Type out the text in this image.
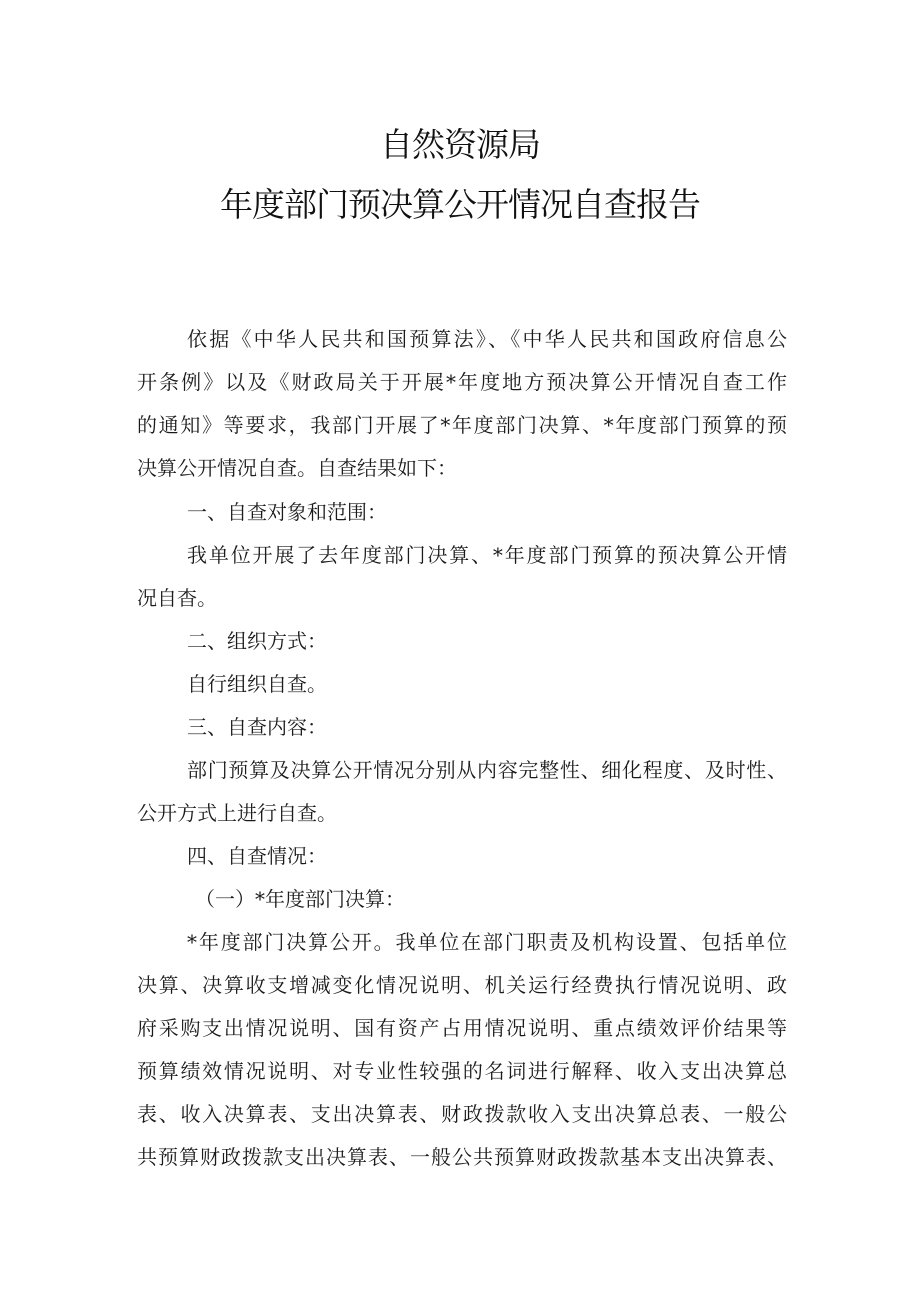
自然资源局
年度部门预决算公开情况自查报告
依据《中华人民共和国预算法》、《中华人民共和国政府信息公
开条例》以及《财政局关于开展*年度地方预决算公开情况自查工作
的通知》等要求，我部门开展了*年度部门决算、*年度部门预算的预
决算公开情况自查。自查结果如下：
一、自查对象和范围：
我单位开展了去年度部门决算、*年度部门预算的预决算公开情
况自杳。
二、组织方式：
自行组织自查。
三、自查内容：
部门预算及决算公开情况分别从内容完整性、细化程度、及时性、
公开方式上进行自查。
四、自查情况：
（一）*年度部门决算：
*年度部门决算公开。我单位在部门职责及机构设置、包括单位
决算、决算收支增减变化情况说明、机关运行经费执行情况说明、政
府采购支出情况说明、国有资产占用情况说明、重点绩效评价结果等
预算绩效情况说明、对专业性较强的名词进行解释、收入支出决算总
表、收入决算表、支出决算表、财政拨款收入支出决算总表、一般公
共预算财政拨款支出决算表、一般公共预算财政拨款基本支出决算表、
